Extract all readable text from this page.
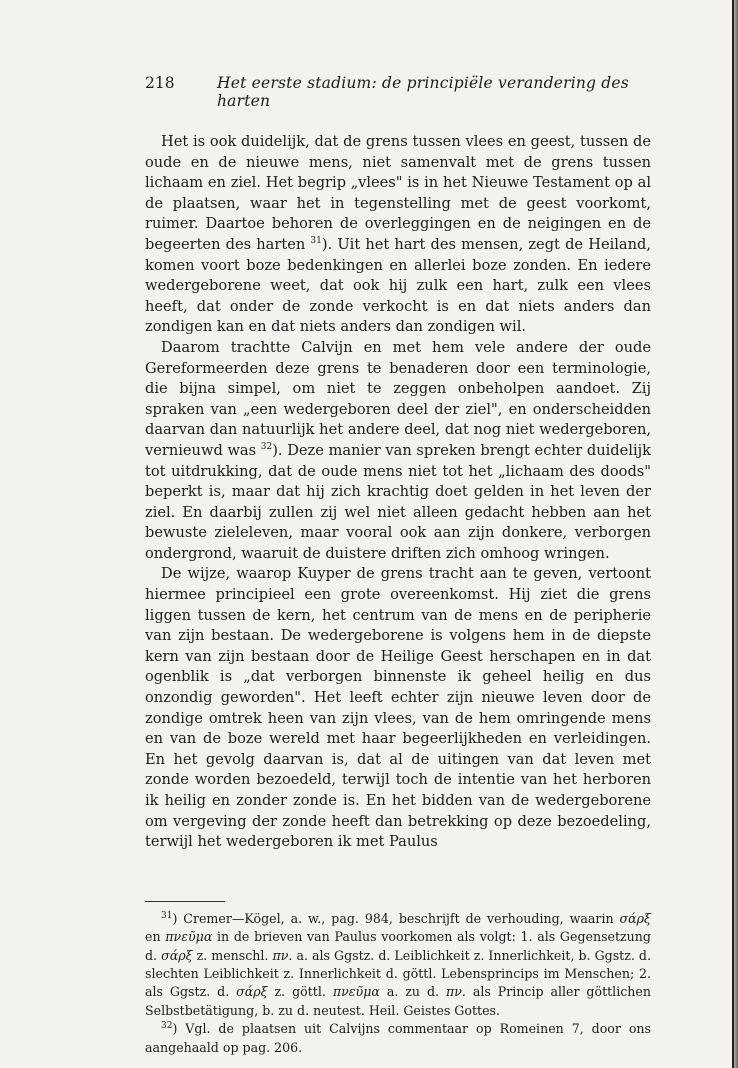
218	Het eerste stadium: de principiële verandering des harten

Het is ook duidelijk, dat de grens tussen vlees en geest, tussen de oude en de nieuwe mens, niet samenvalt met de grens tussen lichaam en ziel. Het begrip „vlees" is in het Nieuwe Testament op al de plaatsen, waar het in tegenstelling met de geest voorkomt, ruimer. Daartoe behoren de overleggingen en de neigingen en de begeerten des harten $^{31}$). Uit het hart des mensen, zegt de Heiland, komen voort boze bedenkingen en allerlei boze zonden. En iedere wedergeborene weet, dat ook hij zulk een hart, zulk een vlees heeft, dat onder de zonde verkocht is en dat niets anders dan zondigen kan en dat niets anders dan zondigen wil.

Daarom trachtte Calvijn en met hem vele andere der oude Gereformeerden deze grens te benaderen door een terminologie, die bijna simpel, om niet te zeggen onbeholpen aandoet. Zij spraken van „een wedergeboren deel der ziel", en onderscheidden daarvan dan natuurlijk het andere deel, dat nog niet wedergeboren, vernieuwd was $^{32}$). Deze manier van spreken brengt echter duidelijk tot uitdrukking, dat de oude mens niet tot het „lichaam des doods" beperkt is, maar dat hij zich krachtig doet gelden in het leven der ziel. En daarbij zullen zij wel niet alleen gedacht hebben aan het bewuste zieleleven, maar vooral ook aan zijn donkere, verborgen ondergrond, waaruit de duistere driften zich omhoog wringen.

De wijze, waarop Kuyper de grens tracht aan te geven, vertoont hiermee principieel een grote overeenkomst. Hij ziet die grens liggen tussen de kern, het centrum van de mens en de peripherie van zijn bestaan. De wedergeborene is volgens hem in de diepste kern van zijn bestaan door de Heilige Geest herschapen en in dat ogenblik is „dat verborgen binnenste ik geheel heilig en dus onzondig geworden". Het leeft echter zijn nieuwe leven door de zondige omtrek heen van zijn vlees, van de hem omringende mens en van de boze wereld met haar begeerlijkheden en verleidingen. En het gevolg daarvan is, dat al de uitingen van dat leven met zonde worden bezoedeld, terwijl toch de intentie van het herboren ik heilig en zonder zonde is. En het bidden van de wedergeborene om vergeving der zonde heeft dan betrekking op deze bezoedeling, terwijl het wedergeboren ik met Paulus

$^{31}$) Cremer—Kögel, a. w., pag. 984, beschrijft de verhouding, waarin σάρξ en πνεῦμα in de brieven van Paulus voorkomen als volgt: 1. als Gegensetzung d. σάρξ z. menschl. πν. a. als Ggstz. d. Leiblichkeit z. Innerlichkeit, b. Ggstz. d. slechten Leiblichkeit z. Innerlichkeit d. göttl. Lebensprincips im Menschen; 2. als Ggstz. d. σάρξ z. göttl. πνεῦμα a. zu d. πν. als Princip aller göttlichen Selbstbetätigung, b. zu d. neutest. Heil. Geistes Gottes.

$^{32}$) Vgl. de plaatsen uit Calvijns commentaar op Romeinen 7, door ons aangehaald op pag. 206.
